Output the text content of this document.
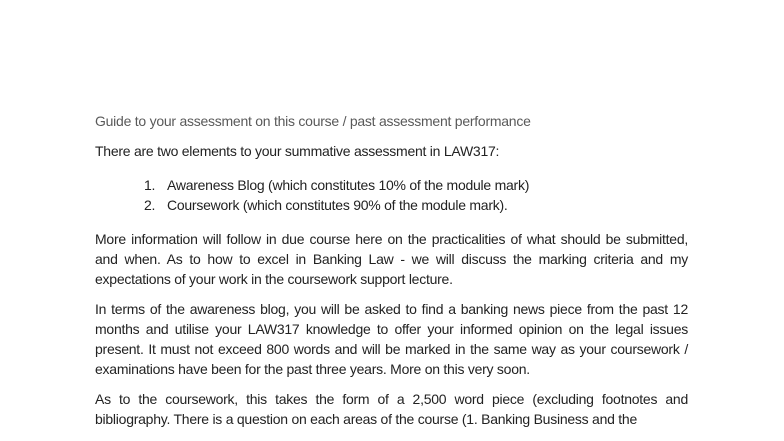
Guide to your assessment on this course / past assessment performance

There are two elements to your summative assessment in LAW317:

1. Awareness Blog (which constitutes 10% of the module mark)
2. Coursework (which constitutes 90% of the module mark).

More information will follow in due course here on the practicalities of what should be submitted, and when. As to how to excel in Banking Law - we will discuss the marking criteria and my expectations of your work in the coursework support lecture.

In terms of the awareness blog, you will be asked to find a banking news piece from the past 12 months and utilise your LAW317 knowledge to offer your informed opinion on the legal issues present. It must not exceed 800 words and will be marked in the same way as your coursework / examinations have been for the past three years. More on this very soon.

As to the coursework, this takes the form of a 2,500 word piece (excluding footnotes and bibliography. There is a question on each areas of the course (1. Banking Business and the
